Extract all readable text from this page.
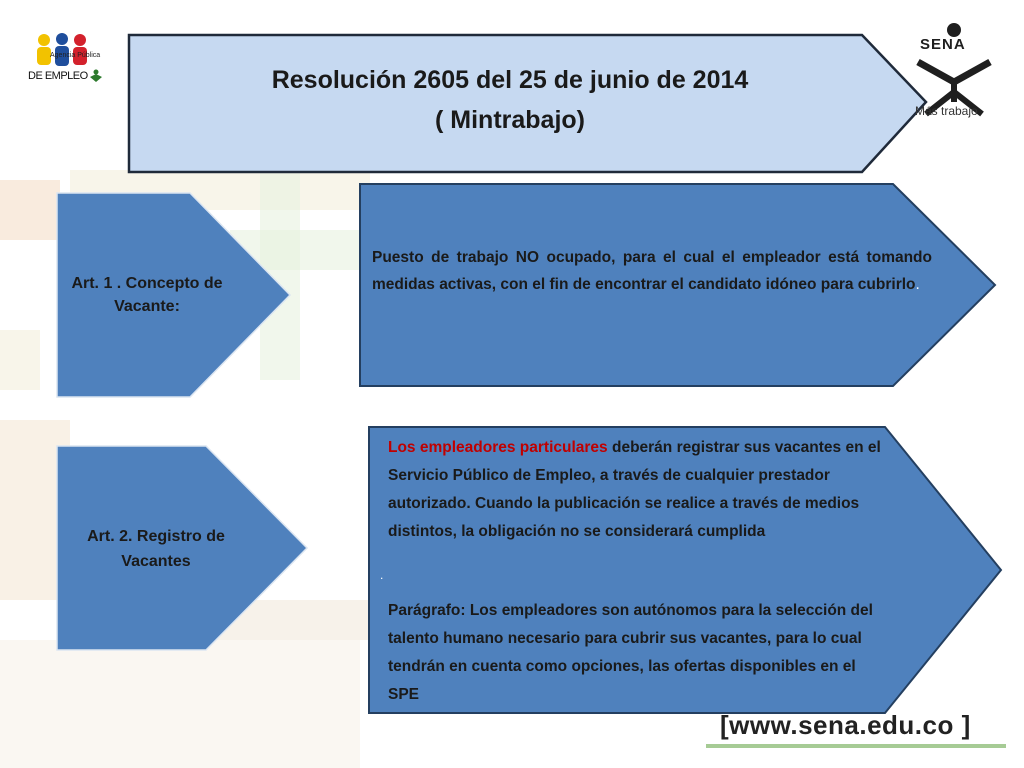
Agencia Pública
DE EMPLEO
SENA
Más trabajo
Resolución 2605 del 25 de junio de 2014
( Mintrabajo)
Art. 1 . Concepto de Vacante:
Puesto de trabajo NO ocupado, para el cual el empleador está tomando medidas activas, con el fin de encontrar el candidato idóneo para cubrirlo.
Art. 2. Registro de Vacantes
Los empleadores particulares deberán registrar sus vacantes en el Servicio Público de Empleo, a través de cualquier prestador autorizado. Cuando la publicación se realice a través de medios distintos, la obligación no se considerará cumplida
.
Parágrafo: Los empleadores son autónomos para la selección del talento humano necesario para cubrir sus vacantes, para lo cual tendrán en cuenta como opciones, las ofertas disponibles en el SPE
[www.sena.edu.co ]
